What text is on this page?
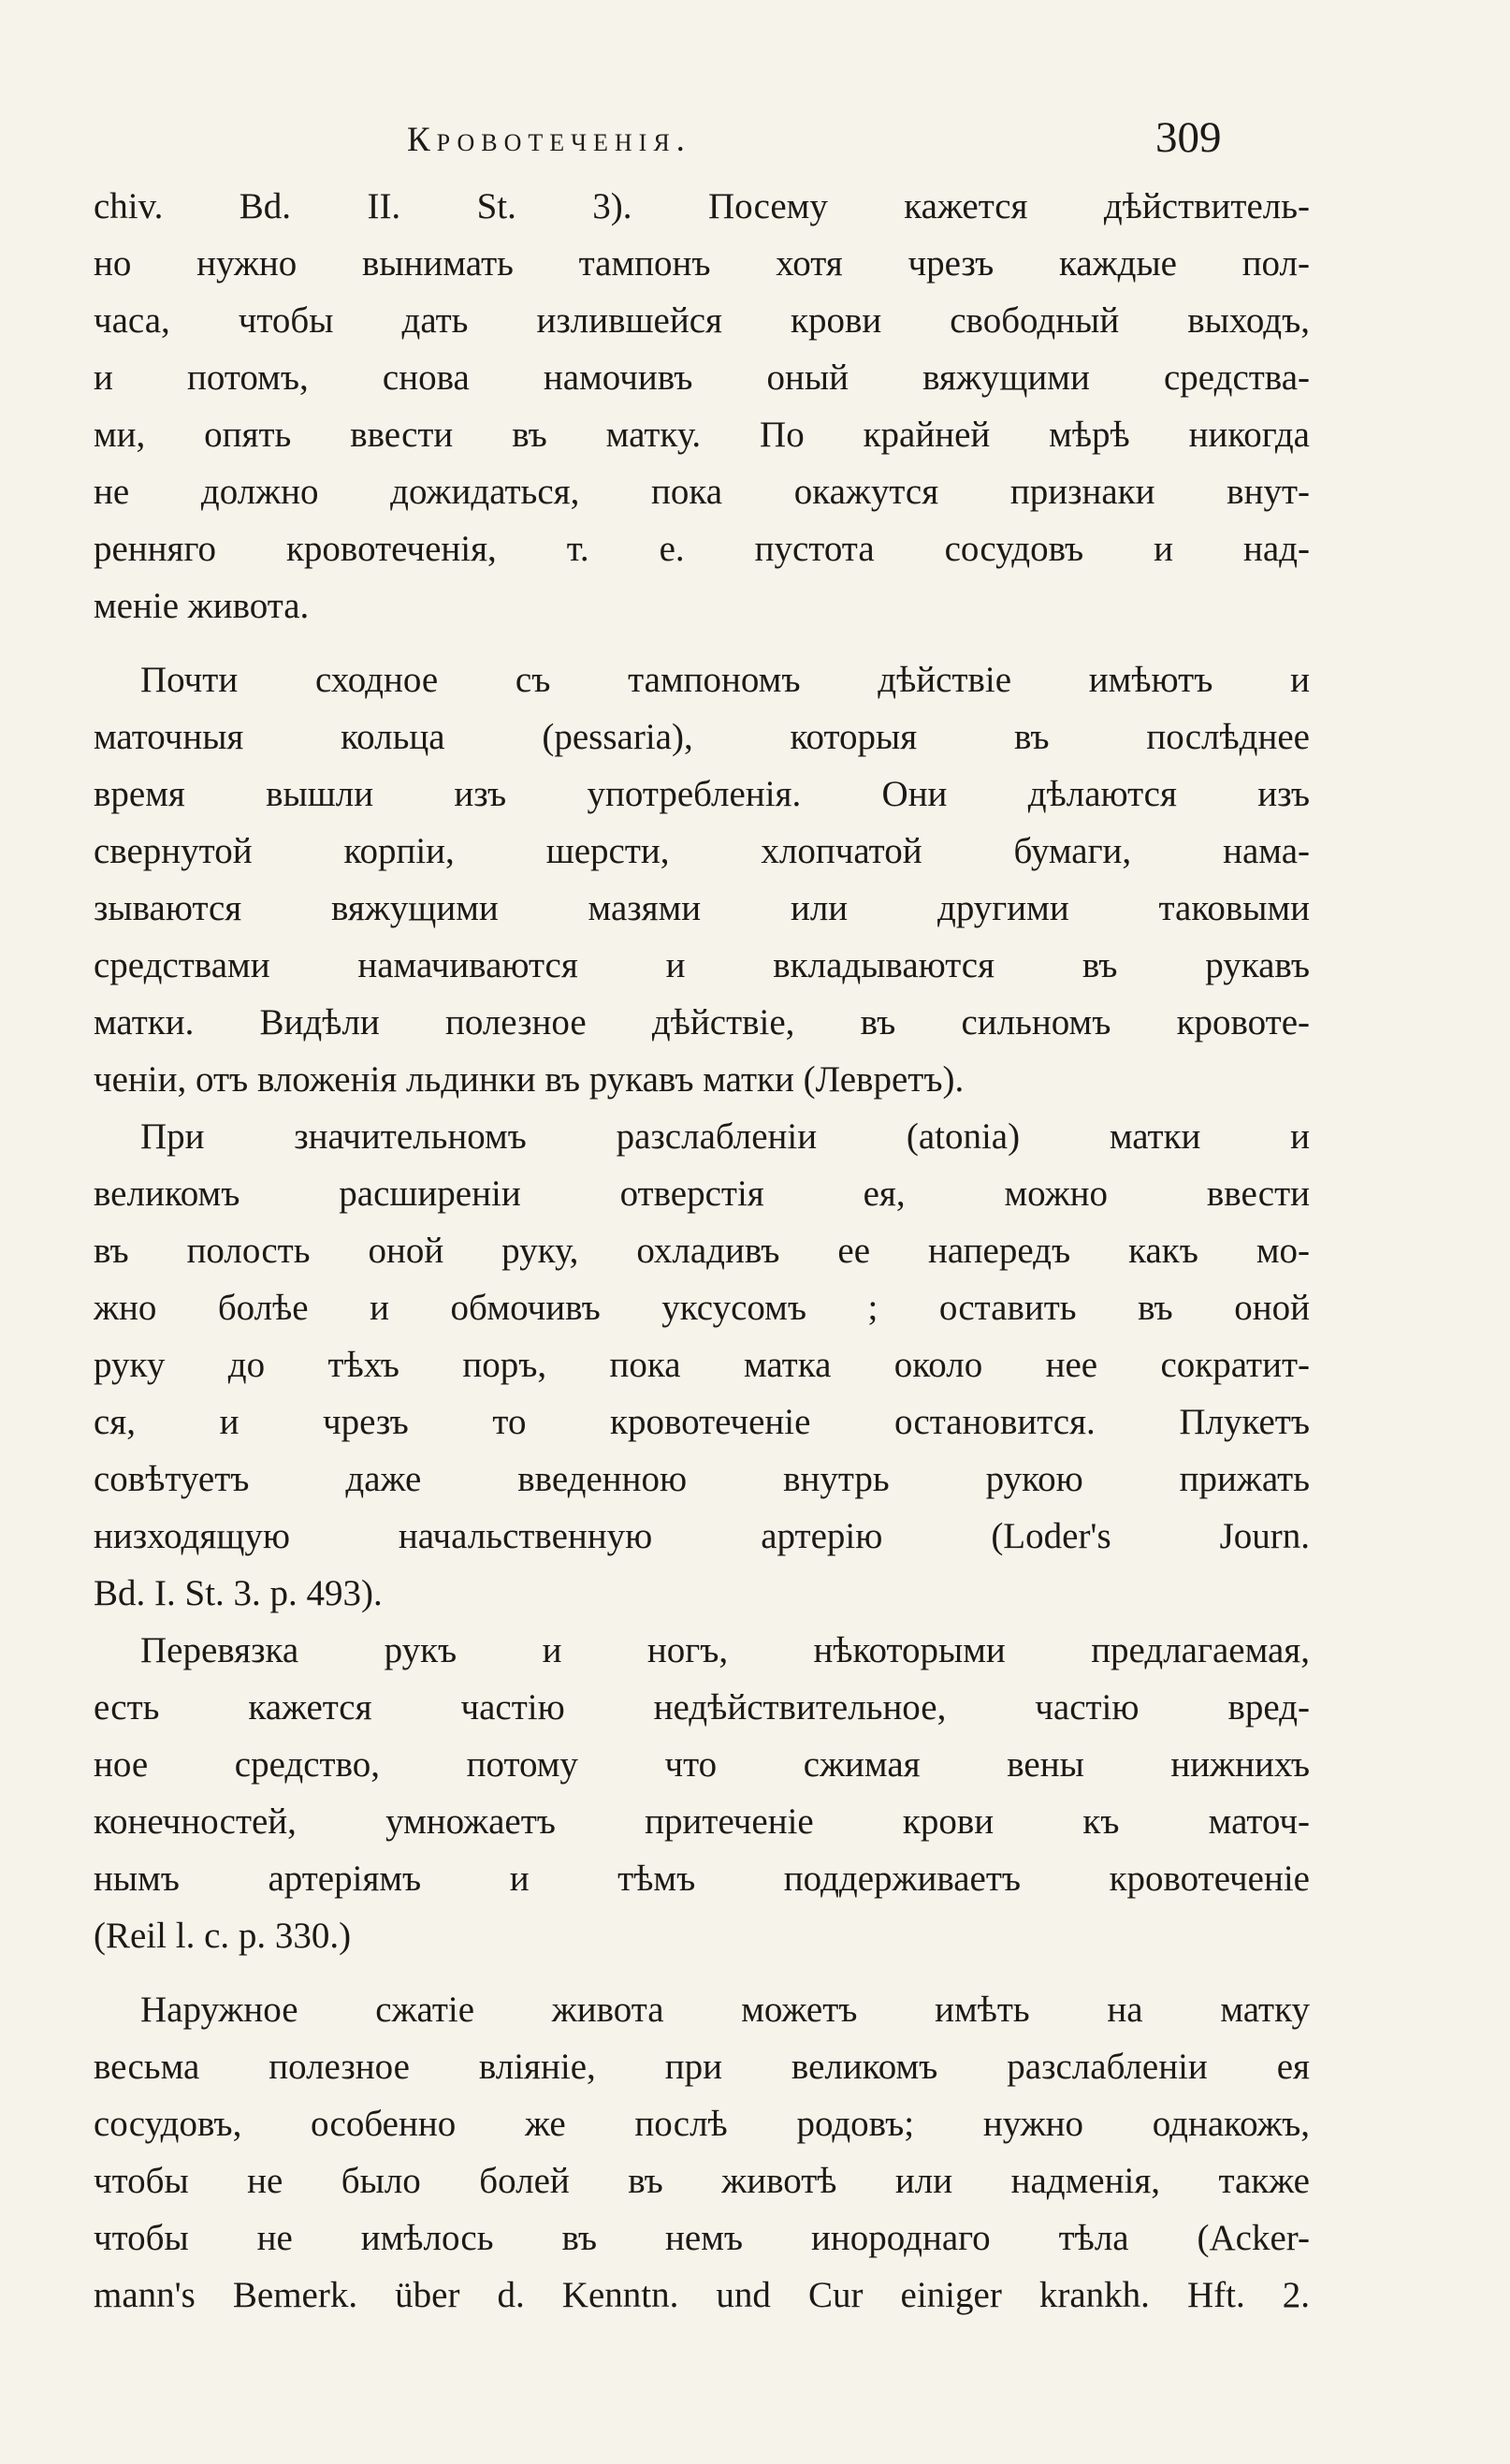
Кровотеченія.	309
chiv. Bd. II. St. 3). Посему кажется дѣйствитель-
но нужно вынимать тампонъ хотя чрезъ каждые пол-
часа, чтобы дать излившейся крови свободный выходъ,
и потомъ, снова намочивъ оный вяжущими средства-
ми, опять ввести въ матку. По крайней мѣрѣ никогда
не должно дожидаться, пока окажутся признаки внут-
ренняго кровотеченія, т. е. пустота сосудовъ и над-
меніе живота.
Почти сходное съ тампономъ дѣйствіе имѣютъ и
маточныя кольца (pessaria), которыя въ послѣднее
время вышли изъ употребленія. Они дѣлаются изъ
свернутой корпіи, шерсти, хлопчатой бумаги, нама-
зываются вяжущими мазями или другими таковыми
средствами намачиваются и вкладываются въ рукавъ
матки. Видѣли полезное дѣйствіе, въ сильномъ кровоте-
ченіи, отъ вложенія льдинки въ рукавъ матки (Левретъ).
При значительномъ разслабленіи (atonia) матки и
великомъ расширеніи отверстія ея, можно ввести
въ полость оной руку, охладивъ ее напередъ какъ мо-
жно болѣе и обмочивъ уксусомъ ; оставить въ оной
руку до тѣхъ поръ, пока матка около нее сократит-
ся, и чрезъ то кровотеченіе остановится. Плукетъ
совѣтуетъ даже введенною внутрь рукою прижать
низходящую начальственную артерію (Loder's Journ.
Bd. I. St. 3. p. 493).
Перевязка рукъ и ногъ, нѣкоторыми предлагаемая,
есть кажется частію недѣйствительное, частію вред-
ное средство, потому что сжимая вены нижнихъ
конечностей, умножаетъ притеченіе крови къ маточ-
нымъ артеріямъ и тѣмъ поддерживаетъ кровотеченіе
(Reil l. c. p. 330.)
Наружное сжатіе живота можетъ имѣть на матку
весьма полезное вліяніе, при великомъ разслабленіи ея
сосудовъ, особенно же послѣ родовъ; нужно однакожъ,
чтобы не было болей въ животѣ или надменія, также
чтобы не имѣлось въ немъ инороднаго тѣла (Acker-
mann's Bemerk. über d. Kenntn. und Cur einiger krankh. Hft. 2.
